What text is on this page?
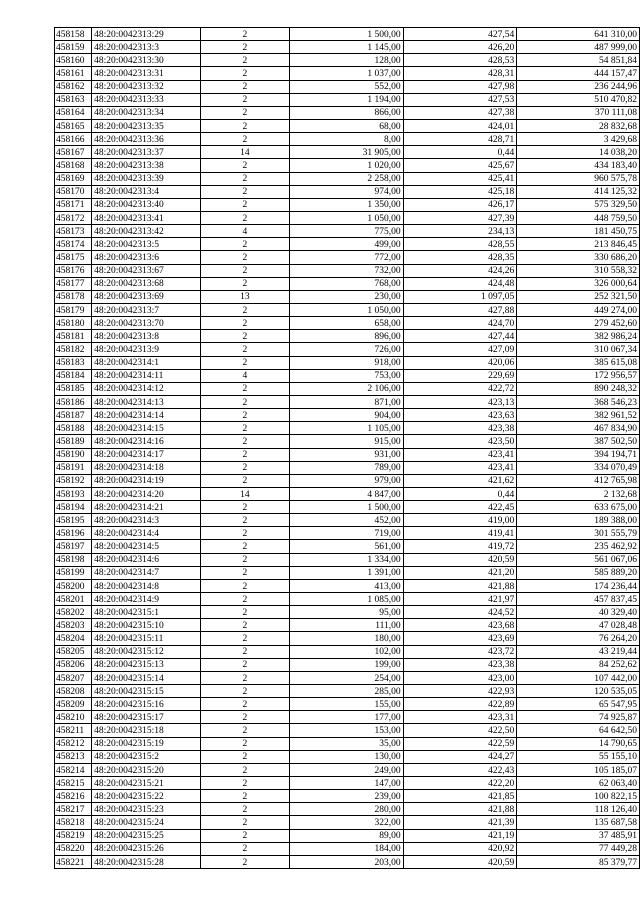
458158	48:20:0042313:29	2	1 500,00	427,54	641 310,00
458159	48:20:0042313:3	2	1 145,00	426,20	487 999,00
458160	48:20:0042313:30	2	128,00	428,53	54 851,84
458161	48:20:0042313:31	2	1 037,00	428,31	444 157,47
458162	48:20:0042313:32	2	552,00	427,98	236 244,96
458163	48:20:0042313:33	2	1 194,00	427,53	510 470,82
458164	48:20:0042313:34	2	866,00	427,38	370 111,08
458165	48:20:0042313:35	2	68,00	424,01	28 832,68
458166	48:20:0042313:36	2	8,00	428,71	3 429,68
458167	48:20:0042313:37	14	31 905,00	0,44	14 038,20
458168	48:20:0042313:38	2	1 020,00	425,67	434 183,40
458169	48:20:0042313:39	2	2 258,00	425,41	960 575,78
458170	48:20:0042313:4	2	974,00	425,18	414 125,32
458171	48:20:0042313:40	2	1 350,00	426,17	575 329,50
458172	48:20:0042313:41	2	1 050,00	427,39	448 759,50
458173	48:20:0042313:42	4	775,00	234,13	181 450,75
458174	48:20:0042313:5	2	499,00	428,55	213 846,45
458175	48:20:0042313:6	2	772,00	428,35	330 686,20
458176	48:20:0042313:67	2	732,00	424,26	310 558,32
458177	48:20:0042313:68	2	768,00	424,48	326 000,64
458178	48:20:0042313:69	13	230,00	1 097,05	252 321,50
458179	48:20:0042313:7	2	1 050,00	427,88	449 274,00
458180	48:20:0042313:70	2	658,00	424,70	279 452,60
458181	48:20:0042313:8	2	896,00	427,44	382 986,24
458182	48:20:0042313:9	2	726,00	427,09	310 067,34
458183	48:20:0042314:1	2	918,00	420,06	385 615,08
458184	48:20:0042314:11	4	753,00	229,69	172 956,57
458185	48:20:0042314:12	2	2 106,00	422,72	890 248,32
458186	48:20:0042314:13	2	871,00	423,13	368 546,23
458187	48:20:0042314:14	2	904,00	423,63	382 961,52
458188	48:20:0042314:15	2	1 105,00	423,38	467 834,90
458189	48:20:0042314:16	2	915,00	423,50	387 502,50
458190	48:20:0042314:17	2	931,00	423,41	394 194,71
458191	48:20:0042314:18	2	789,00	423,41	334 070,49
458192	48:20:0042314:19	2	979,00	421,62	412 765,98
458193	48:20:0042314:20	14	4 847,00	0,44	2 132,68
458194	48:20:0042314:21	2	1 500,00	422,45	633 675,00
458195	48:20:0042314:3	2	452,00	419,00	189 388,00
458196	48:20:0042314:4	2	719,00	419,41	301 555,79
458197	48:20:0042314:5	2	561,00	419,72	235 462,92
458198	48:20:0042314:6	2	1 334,00	420,59	561 067,06
458199	48:20:0042314:7	2	1 391,00	421,20	585 889,20
458200	48:20:0042314:8	2	413,00	421,88	174 236,44
458201	48:20:0042314:9	2	1 085,00	421,97	457 837,45
458202	48:20:0042315:1	2	95,00	424,52	40 329,40
458203	48:20:0042315:10	2	111,00	423,68	47 028,48
458204	48:20:0042315:11	2	180,00	423,69	76 264,20
458205	48:20:0042315:12	2	102,00	423,72	43 219,44
458206	48:20:0042315:13	2	199,00	423,38	84 252,62
458207	48:20:0042315:14	2	254,00	423,00	107 442,00
458208	48:20:0042315:15	2	285,00	422,93	120 535,05
458209	48:20:0042315:16	2	155,00	422,89	65 547,95
458210	48:20:0042315:17	2	177,00	423,31	74 925,87
458211	48:20:0042315:18	2	153,00	422,50	64 642,50
458212	48:20:0042315:19	2	35,00	422,59	14 790,65
458213	48:20:0042315:2	2	130,00	424,27	55 155,10
458214	48:20:0042315:20	2	249,00	422,43	105 185,07
458215	48:20:0042315:21	2	147,00	422,20	62 063,40
458216	48:20:0042315:22	2	239,00	421,85	100 822,15
458217	48:20:0042315:23	2	280,00	421,88	118 126,40
458218	48:20:0042315:24	2	322,00	421,39	135 687,58
458219	48:20:0042315:25	2	89,00	421,19	37 485,91
458220	48:20:0042315:26	2	184,00	420,92	77 449,28
458221	48:20:0042315:28	2	203,00	420,59	85 379,77
